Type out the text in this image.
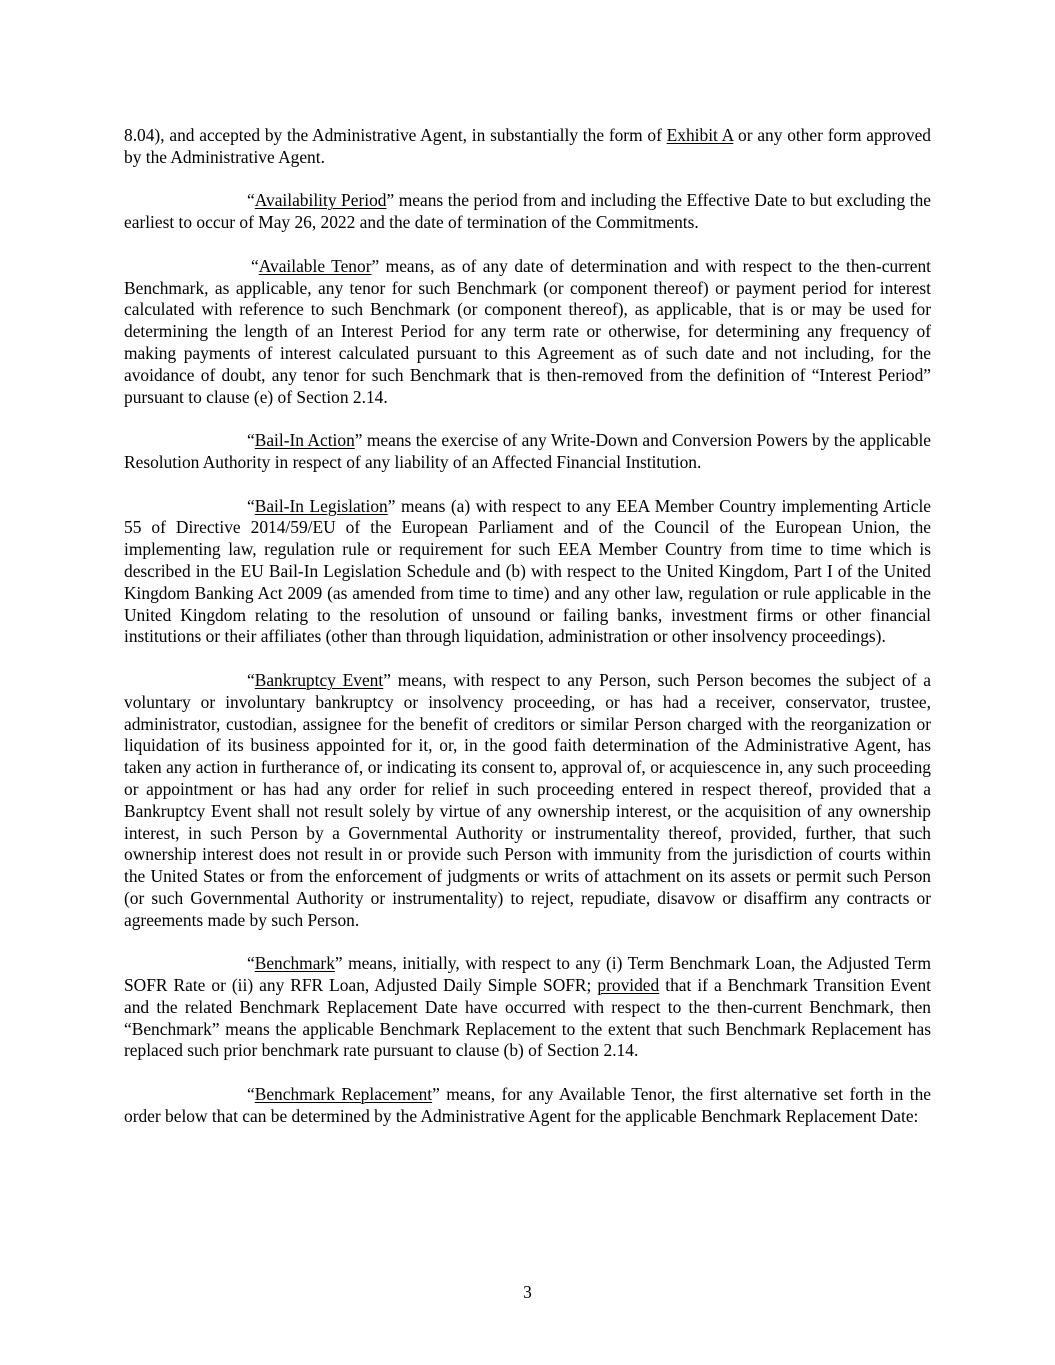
8.04), and accepted by the Administrative Agent, in substantially the form of Exhibit A or any other form approved by the Administrative Agent.

“Availability Period” means the period from and including the Effective Date to but excluding the earliest to occur of May 26, 2022 and the date of termination of the Commitments.

“Available Tenor” means, as of any date of determination and with respect to the then-current Benchmark, as applicable, any tenor for such Benchmark (or component thereof) or payment period for interest calculated with reference to such Benchmark (or component thereof), as applicable, that is or may be used for determining the length of an Interest Period for any term rate or otherwise, for determining any frequency of making payments of interest calculated pursuant to this Agreement as of such date and not including, for the avoidance of doubt, any tenor for such Benchmark that is then-removed from the definition of “Interest Period” pursuant to clause (e) of Section 2.14.

“Bail-In Action” means the exercise of any Write-Down and Conversion Powers by the applicable Resolution Authority in respect of any liability of an Affected Financial Institution.

“Bail-In Legislation” means (a) with respect to any EEA Member Country implementing Article 55 of Directive 2014/59/EU of the European Parliament and of the Council of the European Union, the implementing law, regulation rule or requirement for such EEA Member Country from time to time which is described in the EU Bail-In Legislation Schedule and (b) with respect to the United Kingdom, Part I of the United Kingdom Banking Act 2009 (as amended from time to time) and any other law, regulation or rule applicable in the United Kingdom relating to the resolution of unsound or failing banks, investment firms or other financial institutions or their affiliates (other than through liquidation, administration or other insolvency proceedings).

“Bankruptcy Event” means, with respect to any Person, such Person becomes the subject of a voluntary or involuntary bankruptcy or insolvency proceeding, or has had a receiver, conservator, trustee, administrator, custodian, assignee for the benefit of creditors or similar Person charged with the reorganization or liquidation of its business appointed for it, or, in the good faith determination of the Administrative Agent, has taken any action in furtherance of, or indicating its consent to, approval of, or acquiescence in, any such proceeding or appointment or has had any order for relief in such proceeding entered in respect thereof, provided that a Bankruptcy Event shall not result solely by virtue of any ownership interest, or the acquisition of any ownership interest, in such Person by a Governmental Authority or instrumentality thereof, provided, further, that such ownership interest does not result in or provide such Person with immunity from the jurisdiction of courts within the United States or from the enforcement of judgments or writs of attachment on its assets or permit such Person (or such Governmental Authority or instrumentality) to reject, repudiate, disavow or disaffirm any contracts or agreements made by such Person.

“Benchmark” means, initially, with respect to any (i) Term Benchmark Loan, the Adjusted Term SOFR Rate or (ii) any RFR Loan, Adjusted Daily Simple SOFR; provided that if a Benchmark Transition Event and the related Benchmark Replacement Date have occurred with respect to the then-current Benchmark, then “Benchmark” means the applicable Benchmark Replacement to the extent that such Benchmark Replacement has replaced such prior benchmark rate pursuant to clause (b) of Section 2.14.

“Benchmark Replacement” means, for any Available Tenor, the first alternative set forth in the order below that can be determined by the Administrative Agent for the applicable Benchmark Replacement Date:

3
